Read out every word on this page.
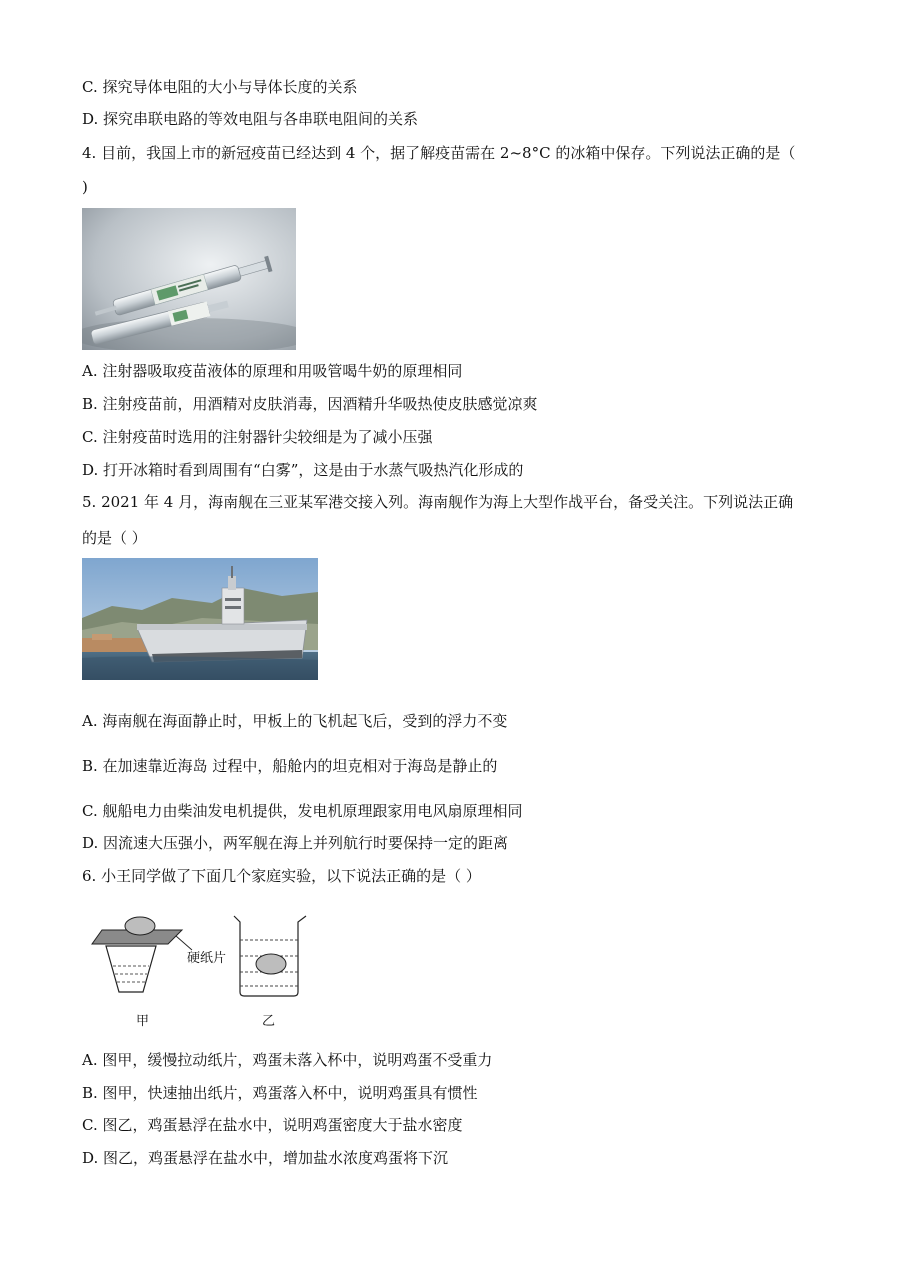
C. 探究导体电阻的大小与导体长度的关系
D. 探究串联电路的等效电阻与各串联电阻间的关系
4. 目前，我国上市的新冠疫苗已经达到 4 个，据了解疫苗需在 2~8°C 的冰箱中保存。下列说法正确的是（
)
A. 注射器吸取疫苗液体的原理和用吸管喝牛奶的原理相同
B. 注射疫苗前，用酒精对皮肤消毒，因酒精升华吸热使皮肤感觉凉爽
C. 注射疫苗时选用的注射器针尖较细是为了减小压强
D. 打开冰箱时看到周围有“白雾”，这是由于水蒸气吸热汽化形成的
5. 2021 年 4 月，海南舰在三亚某军港交接入列。海南舰作为海上大型作战平台，备受关注。下列说法正确
的是（ ）
A. 海南舰在海面静止时，甲板上的飞机起飞后，受到的浮力不变
B. 在加速靠近海岛 过程中，船舱内的坦克相对于海岛是静止的
C. 舰船电力由柴油发电机提供，发电机原理跟家用电风扇原理相同
D. 因流速大压强小，两军舰在海上并列航行时要保持一定的距离
6. 小王同学做了下面几个家庭实验，以下说法正确的是（ ）
硬纸片
甲	乙
A. 图甲，缓慢拉动纸片，鸡蛋未落入杯中，说明鸡蛋不受重力
B. 图甲，快速抽出纸片，鸡蛋落入杯中，说明鸡蛋具有惯性
C. 图乙，鸡蛋悬浮在盐水中，说明鸡蛋密度大于盐水密度
D. 图乙，鸡蛋悬浮在盐水中，增加盐水浓度鸡蛋将下沉
